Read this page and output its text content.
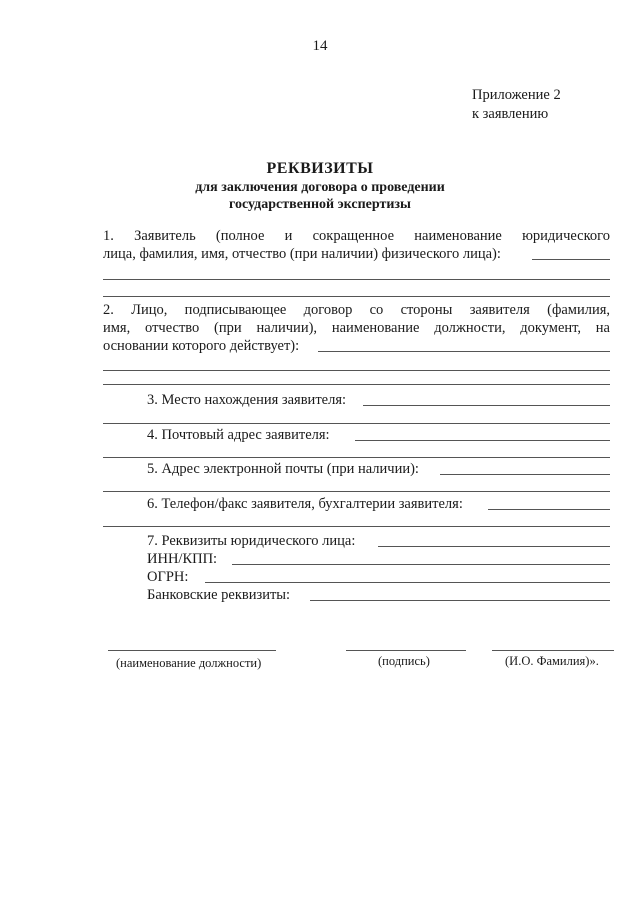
14
Приложение 2
к заявлению
РЕКВИЗИТЫ
для заключения договора о проведении
государственной экспертизы
1. Заявитель (полное и сокращенное наименование юридического
лица, фамилия, имя, отчество (при наличии) физического лица):
2. Лицо, подписывающее договор со стороны заявителя (фамилия,
имя, отчество (при наличии), наименование должности, документ, на
основании которого действует):
3. Место нахождения заявителя:
4. Почтовый адрес заявителя:
5. Адрес электронной почты (при наличии):
6. Телефон/факс заявителя, бухгалтерии заявителя:
7. Реквизиты юридического лица:
ИНН/КПП:
ОГРН:
Банковские реквизиты:
(наименование должности)	(подпись)	(И.О. Фамилия)».
